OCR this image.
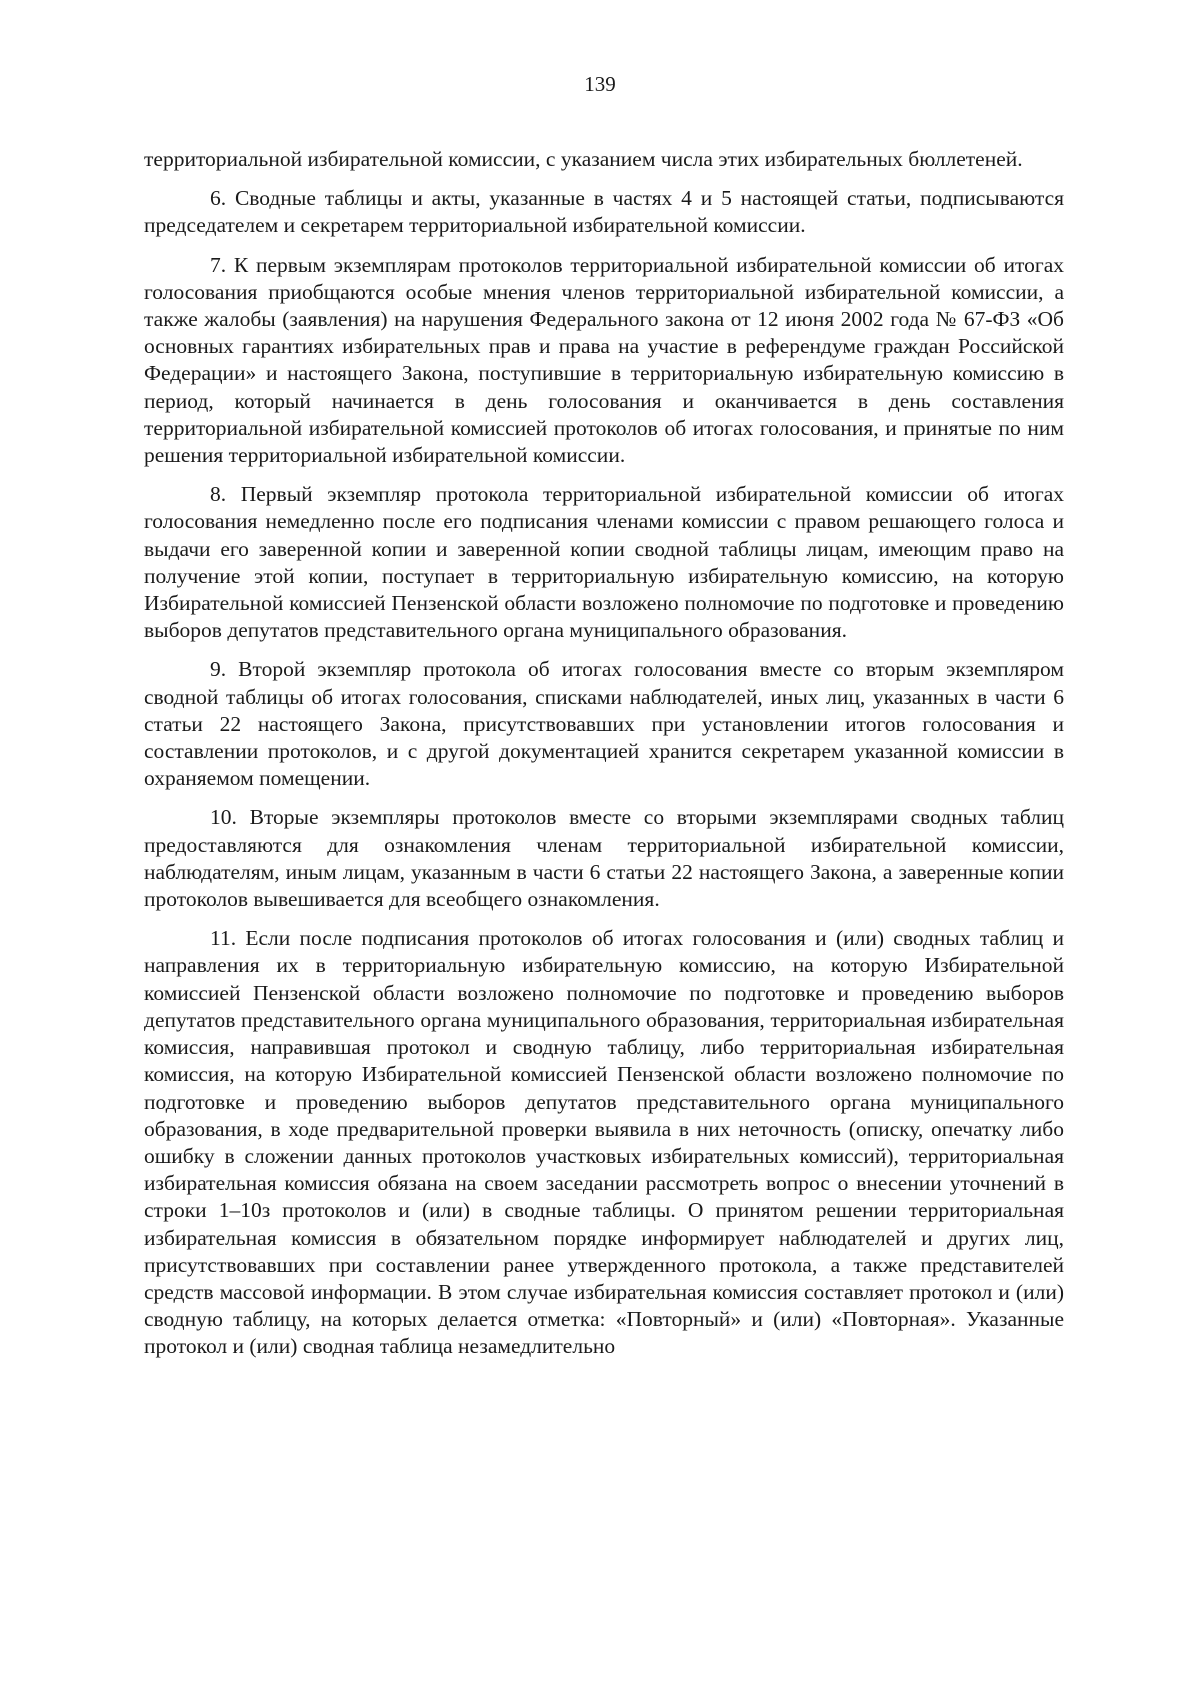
139

территориальной избирательной комиссии, с указанием числа этих избирательных бюллетеней.

6. Сводные таблицы и акты, указанные в частях 4 и 5 настоящей статьи, подписываются председателем и секретарем территориальной избирательной комиссии.

7. К первым экземплярам протоколов территориальной избирательной комиссии об итогах голосования приобщаются особые мнения членов территориальной избирательной комиссии, а также жалобы (заявления) на нарушения Федерального закона от 12 июня 2002 года № 67-ФЗ «Об основных гарантиях избирательных прав и права на участие в референдуме граждан Российской Федерации» и настоящего Закона, поступившие в территориальную избирательную комиссию в период, который начинается в день голосования и оканчивается в день составления территориальной избирательной комиссией протоколов об итогах голосования, и принятые по ним решения территориальной избирательной комиссии.

8. Первый экземпляр протокола территориальной избирательной комиссии об итогах голосования немедленно после его подписания членами комиссии с правом решающего голоса и выдачи его заверенной копии и заверенной копии сводной таблицы лицам, имеющим право на получение этой копии, поступает в территориальную избирательную комиссию, на которую Избирательной комиссией Пензенской области возложено полномочие по подготовке и проведению выборов депутатов представительного органа муниципального образования.

9. Второй экземпляр протокола об итогах голосования вместе со вторым экземпляром сводной таблицы об итогах голосования, списками наблюдателей, иных лиц, указанных в части 6 статьи 22 настоящего Закона, присутствовавших при установлении итогов голосования и составлении протоколов, и с другой документацией хранится секретарем указанной комиссии в охраняемом помещении.

10. Вторые экземпляры протоколов вместе со вторыми экземплярами сводных таблиц предоставляются для ознакомления членам территориальной избирательной комиссии, наблюдателям, иным лицам, указанным в части 6 статьи 22 настоящего Закона, а заверенные копии протоколов вывешивается для всеобщего ознакомления.

11. Если после подписания протоколов об итогах голосования и (или) сводных таблиц и направления их в территориальную избирательную комиссию, на которую Избирательной комиссией Пензенской области возложено полномочие по подготовке и проведению выборов депутатов представительного органа муниципального образования, территориальная избирательная комиссия, направившая протокол и сводную таблицу, либо территориальная избирательная комиссия, на которую Избирательной комиссией Пензенской области возложено полномочие по подготовке и проведению выборов депутатов представительного органа муниципального образования, в ходе предварительной проверки выявила в них неточность (описку, опечатку либо ошибку в сложении данных протоколов участковых избирательных комиссий), территориальная избирательная комиссия обязана на своем заседании рассмотреть вопрос о внесении уточнений в строки 1–10з протоколов и (или) в сводные таблицы. О принятом решении территориальная избирательная комиссия в обязательном порядке информирует наблюдателей и других лиц, присутствовавших при составлении ранее утвержденного протокола, а также представителей средств массовой информации. В этом случае избирательная комиссия составляет протокол и (или) сводную таблицу, на которых делается отметка: «Повторный» и (или) «Повторная». Указанные протокол и (или) сводная таблица незамедлительно
